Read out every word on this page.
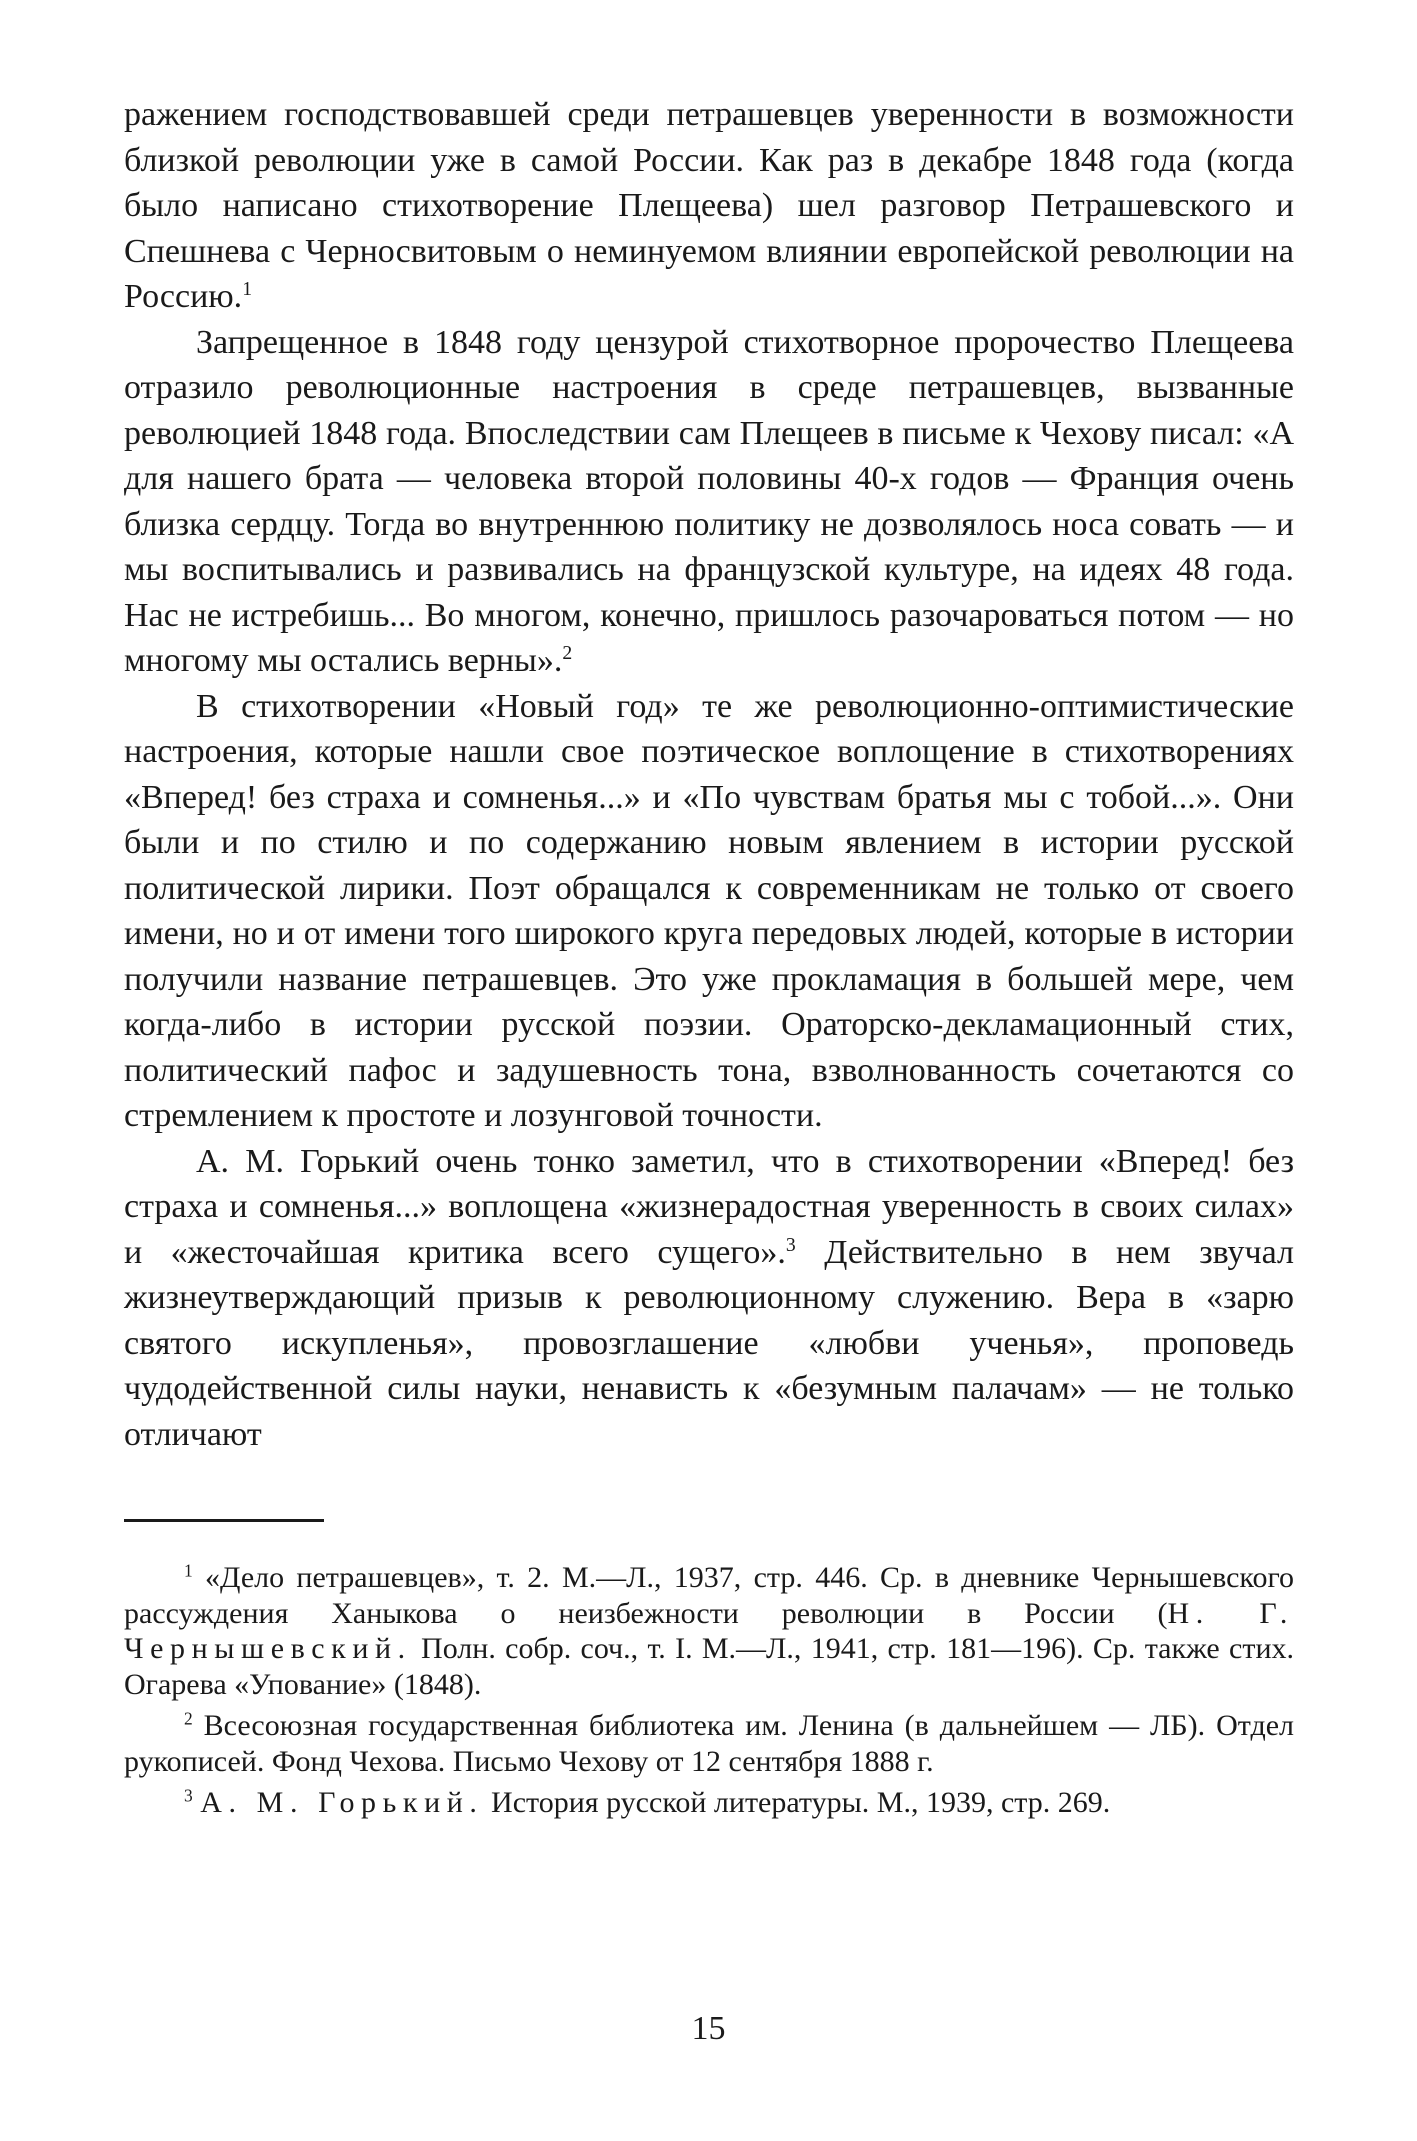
ражением господствовавшей среди петрашевцев уверенности в возможности близкой революции уже в самой России. Как раз в декабре 1848 года (когда было написано стихотворение Плещеева) шел разговор Петрашевского и Спешнева с Черносвитовым о неминуемом влиянии европейской революции на Россию.$^1$

Запрещенное в 1848 году цензурой стихотворное пророчество Плещеева отразило революционные настроения в среде петрашевцев, вызванные революцией 1848 года. Впоследствии сам Плещеев в письме к Чехову писал: «А для нашего брата — человека второй половины 40-х годов — Франция очень близка сердцу. Тогда во внутреннюю политику не дозволялось носа совать — и мы воспитывались и развивались на французской культуре, на идеях 48 года. Нас не истребишь... Во многом, конечно, пришлось разочароваться потом — но многому мы остались верны».$^2$

В стихотворении «Новый год» те же революционно-оптимистические настроения, которые нашли свое поэтическое воплощение в стихотворениях «Вперед! без страха и сомненья...» и «По чувствам братья мы с тобой...». Они были и по стилю и по содержанию новым явлением в истории русской политической лирики. Поэт обращался к современникам не только от своего имени, но и от имени того широкого круга передовых людей, которые в истории получили название петрашевцев. Это уже прокламация в большей мере, чем когда-либо в истории русской поэзии. Ораторско-декламационный стих, политический пафос и задушевность тона, взволнованность сочетаются со стремлением к простоте и лозунговой точности.

А. М. Горький очень тонко заметил, что в стихотворении «Вперед! без страха и сомненья...» воплощена «жизнерадостная уверенность в своих силах» и «жесточайшая критика всего сущего».$^3$ Действительно в нем звучал жизнеутверждающий призыв к революционному служению. Вера в «зарю святого искупленья», провозглашение «любви ученья», проповедь чудодейственной силы науки, ненависть к «безумным палачам» — не только отличают

$^1$ «Дело петрашевцев», т. 2. М.—Л., 1937, стр. 446. Ср. в дневнике Чернышевского рассуждения Ханыкова о неизбежности революции в России (Н. Г. Чернышевский. Полн. собр. соч., т. I. М.—Л., 1941, стр. 181—196). Ср. также стих. Огарева «Упование» (1848).

$^2$ Всесоюзная государственная библиотека им. Ленина (в дальнейшем — ЛБ). Отдел рукописей. Фонд Чехова. Письмо Чехову от 12 сентября 1888 г.

$^3$ А. М. Горький. История русской литературы. М., 1939, стр. 269.

15
